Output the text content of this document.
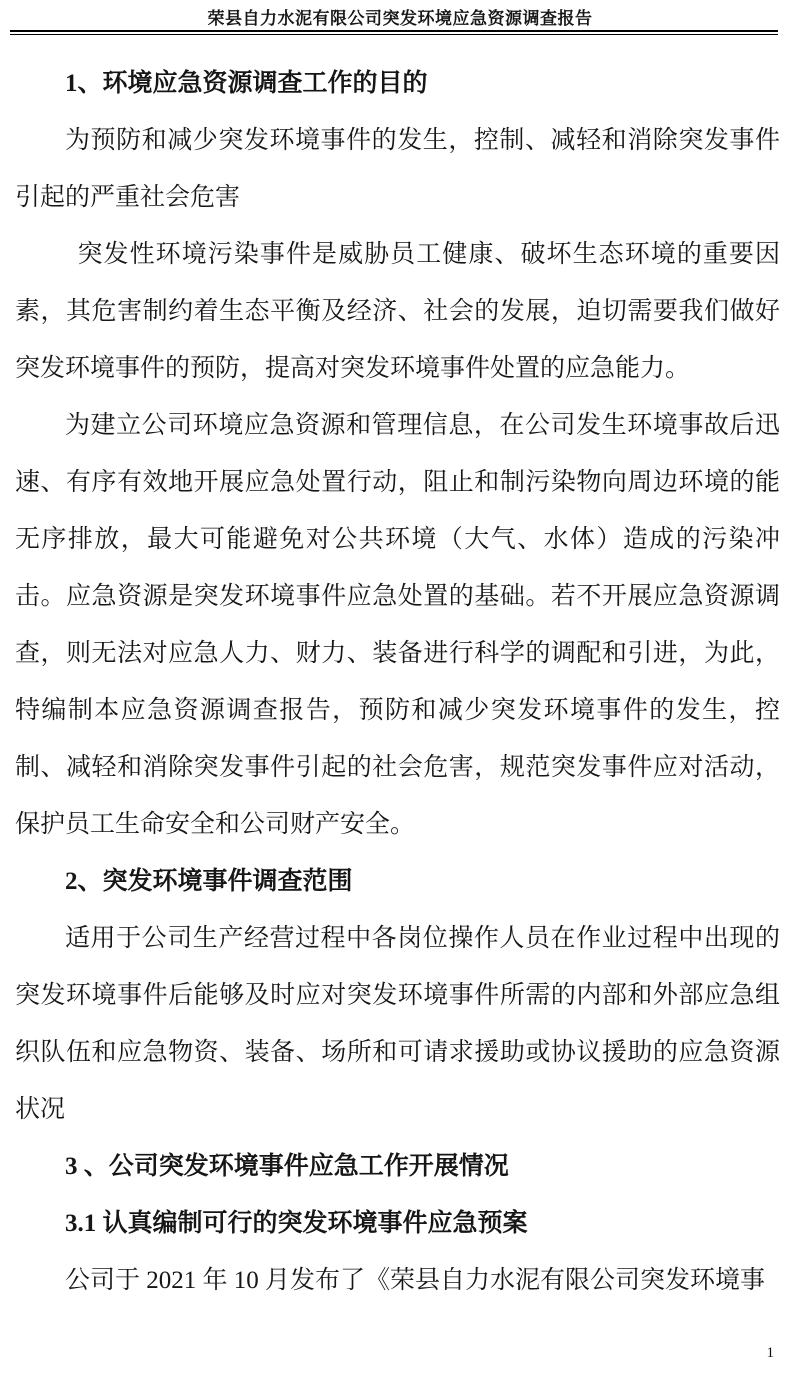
荣县自力水泥有限公司突发环境应急资源调查报告
1、环境应急资源调查工作的目的
为预防和减少突发环境事件的发生，控制、减轻和消除突发事件引起的严重社会危害
突发性环境污染事件是威胁员工健康、破坏生态环境的重要因素，其危害制约着生态平衡及经济、社会的发展，迫切需要我们做好突发环境事件的预防，提高对突发环境事件处置的应急能力。
为建立公司环境应急资源和管理信息，在公司发生环境事故后迅速、有序有效地开展应急处置行动，阻止和制污染物向周边环境的能无序排放，最大可能避免对公共环境（大气、水体）造成的污染冲击。应急资源是突发环境事件应急处置的基础。若不开展应急资源调查，则无法对应急人力、财力、装备进行科学的调配和引进，为此，特编制本应急资源调查报告，预防和减少突发环境事件的发生，控制、减轻和消除突发事件引起的社会危害，规范突发事件应对活动，保护员工生命安全和公司财产安全。
2、突发环境事件调查范围
适用于公司生产经营过程中各岗位操作人员在作业过程中出现的突发环境事件后能够及时应对突发环境事件所需的内部和外部应急组织队伍和应急物资、装备、场所和可请求援助或协议援助的应急资源状况
3 、公司突发环境事件应急工作开展情况
3.1 认真编制可行的突发环境事件应急预案
公司于 2021 年 10 月发布了《荣县自力水泥有限公司突发环境事
1
